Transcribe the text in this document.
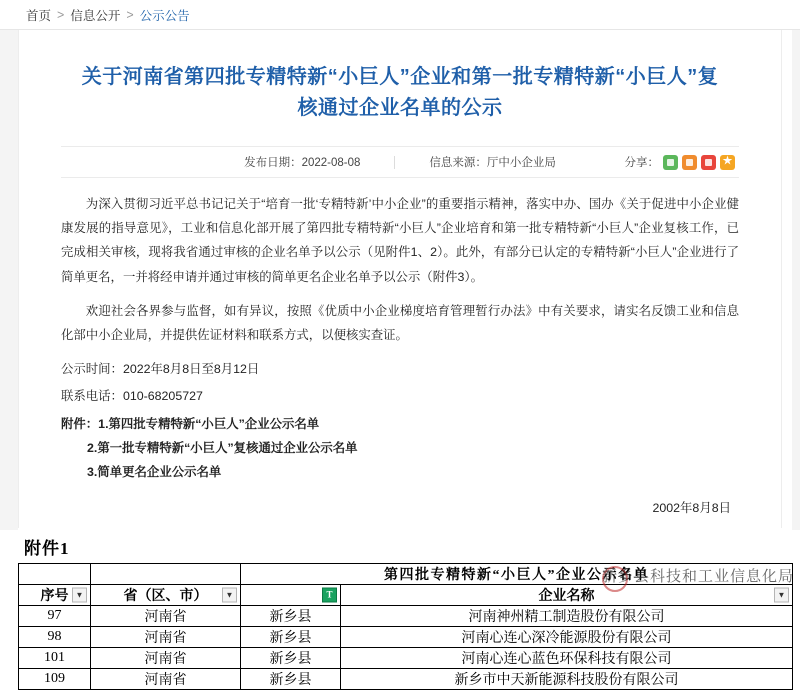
首页 > 信息公开 > 公示公告
关于河南省第四批专精特新“小巨人”企业和第一批专精特新“小巨人”复核通过企业名单的公示
发布日期：2022-08-08	信息来源：厅中小企业局	分享：
★

为深入贯彻习近平总书记记关于“培育一批‘专精特新’中小企业”的重要指示精神，落实中办、国办《关于促进中小企业健康发展的指导意见》，工业和信息化部开展了第四批专精特新“小巨人”企业培育和第一批专精特新“小巨人”企业复核工作，已完成相关审核，现将我省通过审核的企业名单予以公示（见附件1、2）。此外，有部分已认定的专精特新“小巨人”企业进行了简单更名，一并将经申请并通过审核的简单更名企业名单予以公示（附件3）。

欢迎社会各界参与监督，如有异议，按照《优质中小企业梯度培育管理暂行办法》中有关要求，请实名反馈工业和信息化部中小企业局，并提供佐证材料和联系方式，以便核实查证。

公示时间：2022年8月8日至8月12日

联系电话：010-68205727

附件：1.第四批专精特新“小巨人”企业公示名单
2.第一批专精特新“小巨人”复核通过企业公示名单
3.简单更名企业公示名单
2002年8月8日
附件1
		第四批专精特新“小巨人”企业公示名单	
序号 ▼	省（区、市） ▼	T	企业名称 ▼

97	河南省	新乡县	河南神州精工制造股份有限公司
98	河南省	新乡县	河南心连心深冷能源股份有限公司
101	河南省	新乡县	河南心连心蓝色环保科技有限公司
109	河南省	新乡县	新乡市中天新能源科技股份有限公司
新乡县科技和工业信息化局
